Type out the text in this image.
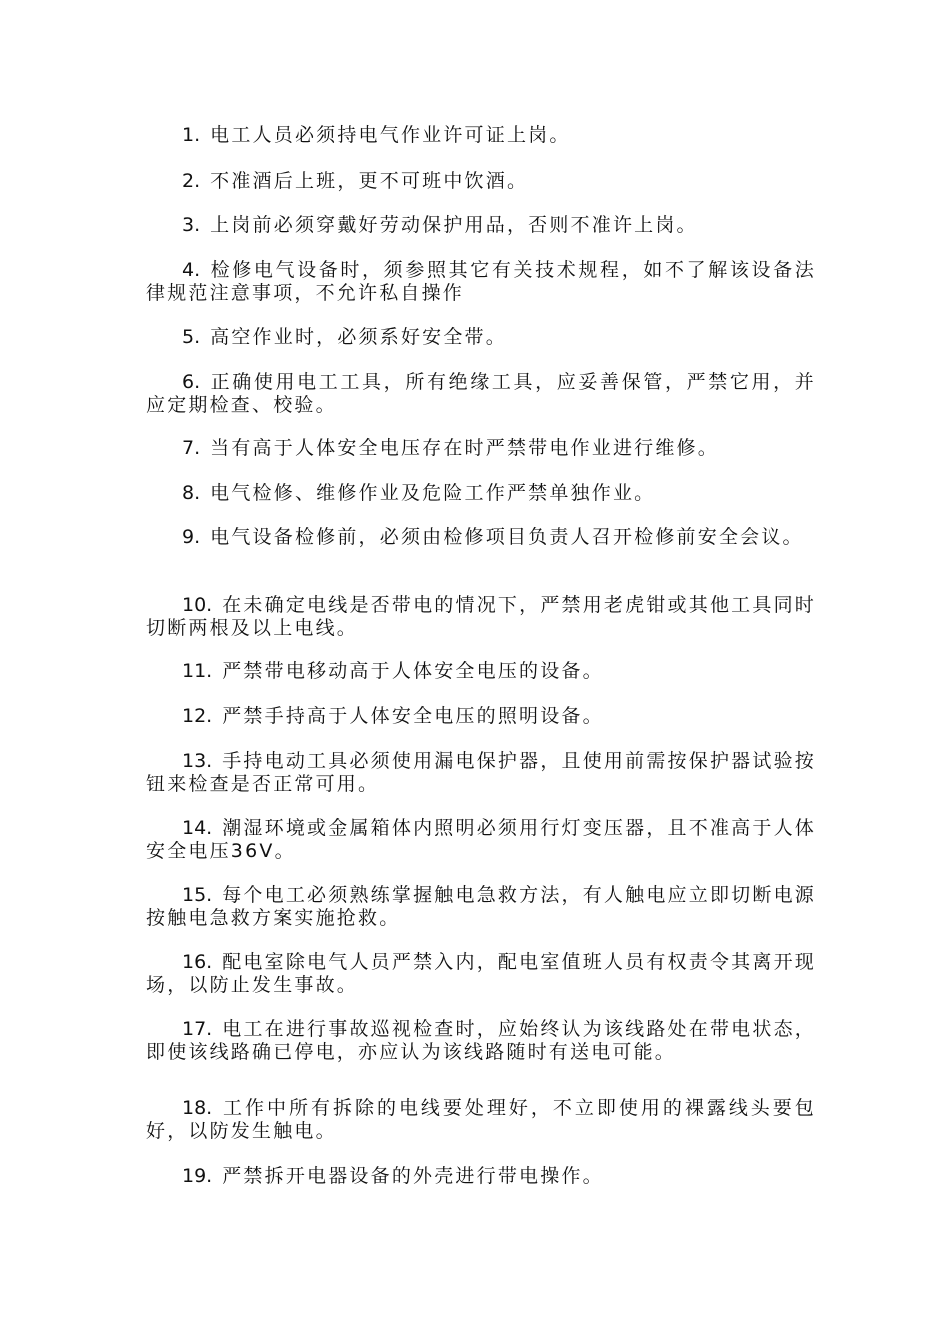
1. 电工人员必须持电气作业许可证上岗。

2. 不准酒后上班，更不可班中饮酒。

3. 上岗前必须穿戴好劳动保护用品，否则不准许上岗。

4. 检修电气设备时，须参照其它有关技术规程，如不了解该设备法律规范注意事项，不允许私自操作

5. 高空作业时，必须系好安全带。

6. 正确使用电工工具，所有绝缘工具，应妥善保管，严禁它用，并应定期检查、校验。

7. 当有高于人体安全电压存在时严禁带电作业进行维修。

8. 电气检修、维修作业及危险工作严禁单独作业。

9. 电气设备检修前，必须由检修项目负责人召开检修前安全会议。

10. 在未确定电线是否带电的情况下，严禁用老虎钳或其他工具同时切断两根及以上电线。

11. 严禁带电移动高于人体安全电压的设备。

12. 严禁手持高于人体安全电压的照明设备。

13. 手持电动工具必须使用漏电保护器，且使用前需按保护器试验按钮来检查是否正常可用。

14. 潮湿环境或金属箱体内照明必须用行灯变压器，且不准高于人体安全电压36V。

15. 每个电工必须熟练掌握触电急救方法，有人触电应立即切断电源按触电急救方案实施抢救。

16. 配电室除电气人员严禁入内，配电室值班人员有权责令其离开现场，以防止发生事故。

17. 电工在进行事故巡视检查时，应始终认为该线路处在带电状态，即使该线路确已停电，亦应认为该线路随时有送电可能。

18. 工作中所有拆除的电线要处理好，不立即使用的裸露线头要包好，以防发生触电。

19. 严禁拆开电器设备的外壳进行带电操作。
